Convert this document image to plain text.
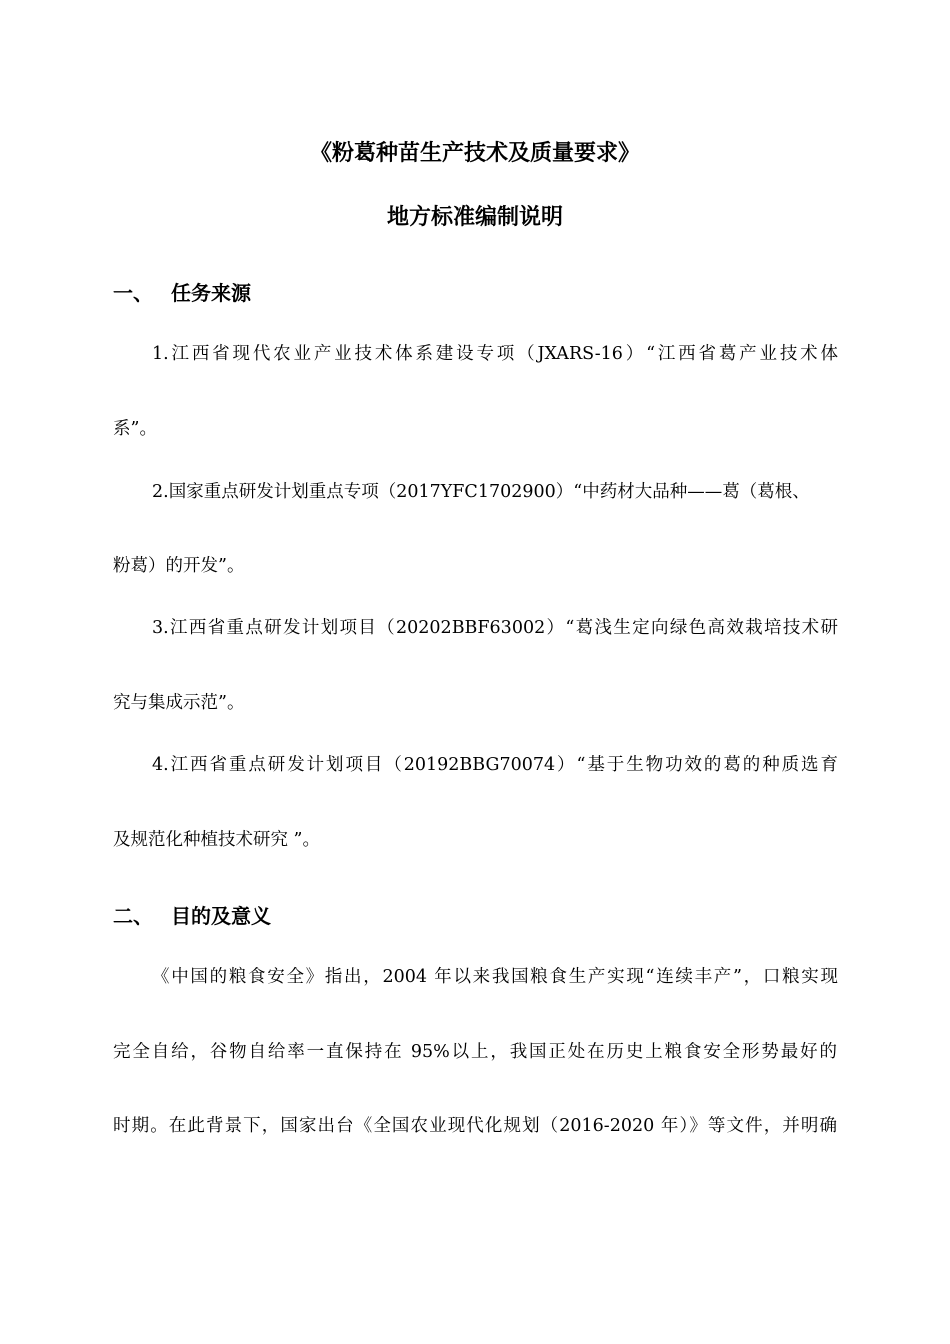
《粉葛种苗生产技术及质量要求》
地方标准编制说明
一、 任务来源
1.江西省现代农业产业技术体系建设专项（JXARS-16）“江西省葛产业技术体
系”。
2.国家重点研发计划重点专项（2017YFC1702900）“中药材大品种——葛（葛根、
粉葛）的开发”。
3.江西省重点研发计划项目（20202BBF63002）“葛浅生定向绿色高效栽培技术研
究与集成示范”。
4.江西省重点研发计划项目（20192BBG70074）“基于生物功效的葛的种质选育
及规范化种植技术研究 ”。
二、 目的及意义
《中国的粮食安全》指出，2004 年以来我国粮食生产实现“连续丰产”，口粮实现
完全自给，谷物自给率一直保持在 95%以上，我国正处在历史上粮食安全形势最好的
时期。在此背景下，国家出台《全国农业现代化规划（2016-2020 年）》等文件，并明确
